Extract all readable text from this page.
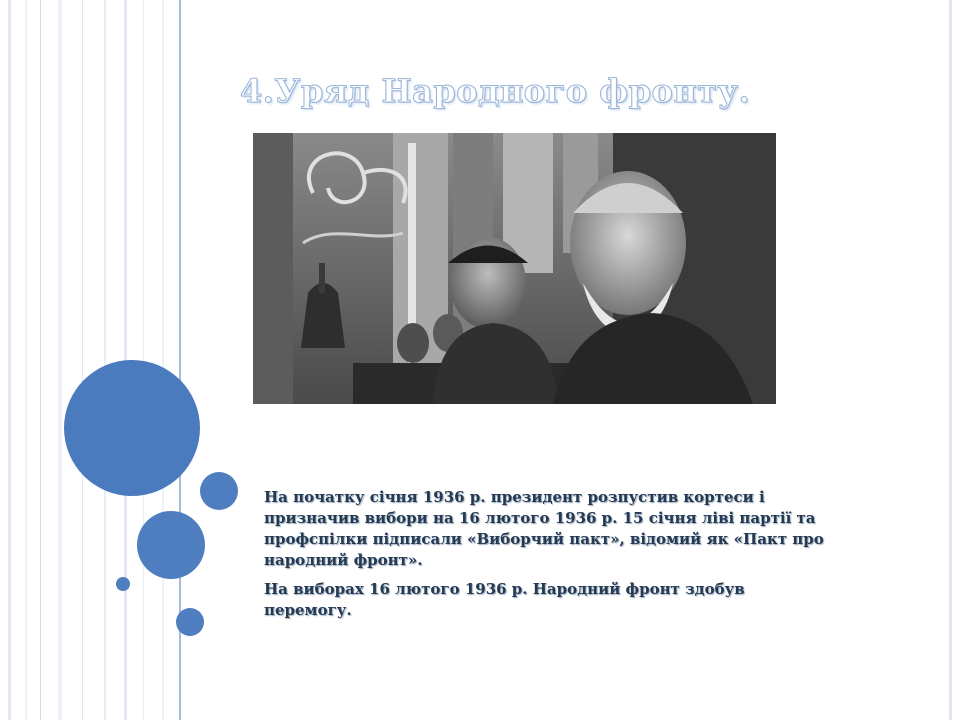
4.Уряд Народного фронту.

На початку січня 1936 р. президент розпустив кортеси і призначив вибори на 16 лютого 1936 р. 15 січня ліві партії та профспілки підписали «Виборчий пакт», відомий як «Пакт про народний фронт».

На виборах 16 лютого 1936 р. Народний фронт здобув перемогу.
